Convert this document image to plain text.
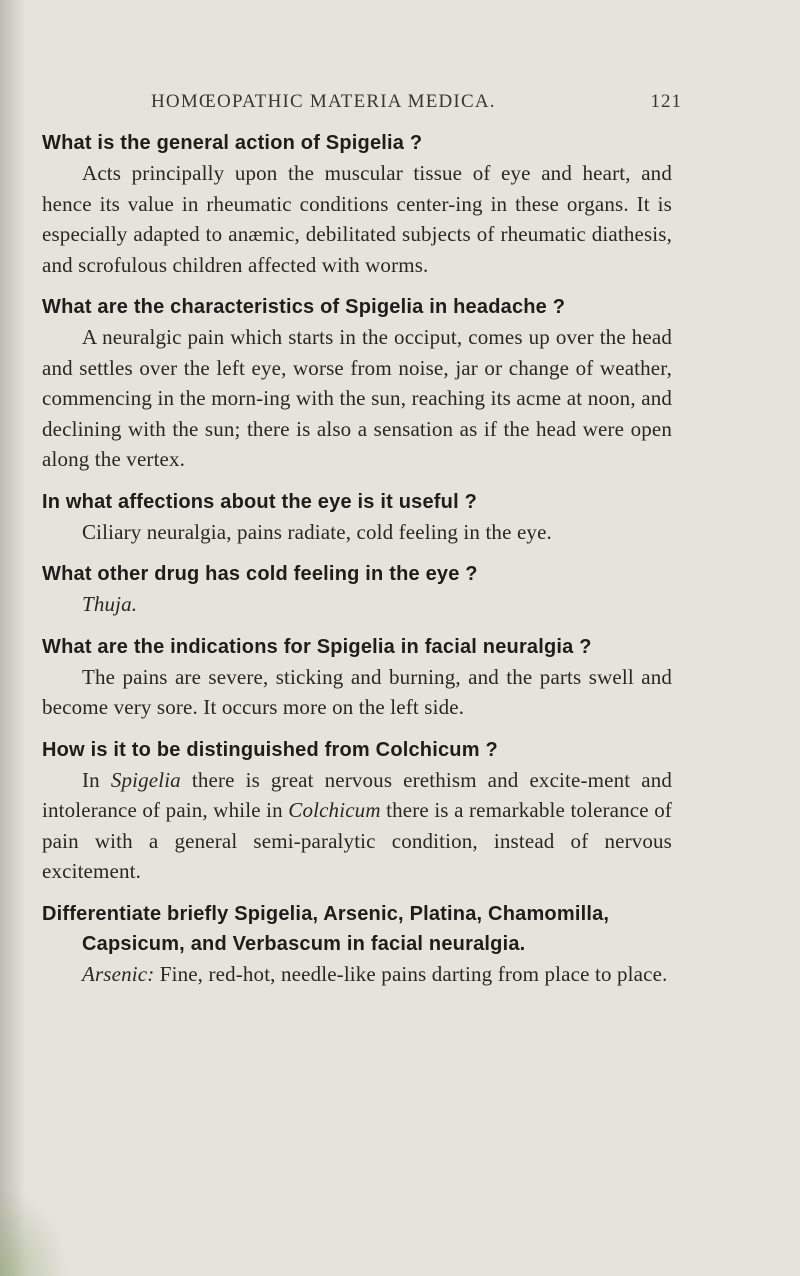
HOMŒOPATHIC MATERIA MEDICA.	121

What is the general action of Spigelia ?

Acts principally upon the muscular tissue of eye and heart, and hence its value in rheumatic conditions center-ing in these organs. It is especially adapted to anæmic, debilitated subjects of rheumatic diathesis, and scrofulous children affected with worms.

What are the characteristics of Spigelia in headache ?

A neuralgic pain which starts in the occiput, comes up over the head and settles over the left eye, worse from noise, jar or change of weather, commencing in the morn-ing with the sun, reaching its acme at noon, and declining with the sun; there is also a sensation as if the head were open along the vertex.

In what affections about the eye is it useful ?

Ciliary neuralgia, pains radiate, cold feeling in the eye.

What other drug has cold feeling in the eye ?

Thuja.

What are the indications for Spigelia in facial neuralgia ?

The pains are severe, sticking and burning, and the parts swell and become very sore. It occurs more on the left side.

How is it to be distinguished from Colchicum ?

In Spigelia there is great nervous erethism and excite-ment and intolerance of pain, while in Colchicum there is a remarkable tolerance of pain with a general semi-paralytic condition, instead of nervous excitement.

Differentiate briefly Spigelia, Arsenic, Platina, Chamomilla, Capsicum, and Verbascum in facial neuralgia.

Arsenic: Fine, red-hot, needle-like pains darting from place to place.
